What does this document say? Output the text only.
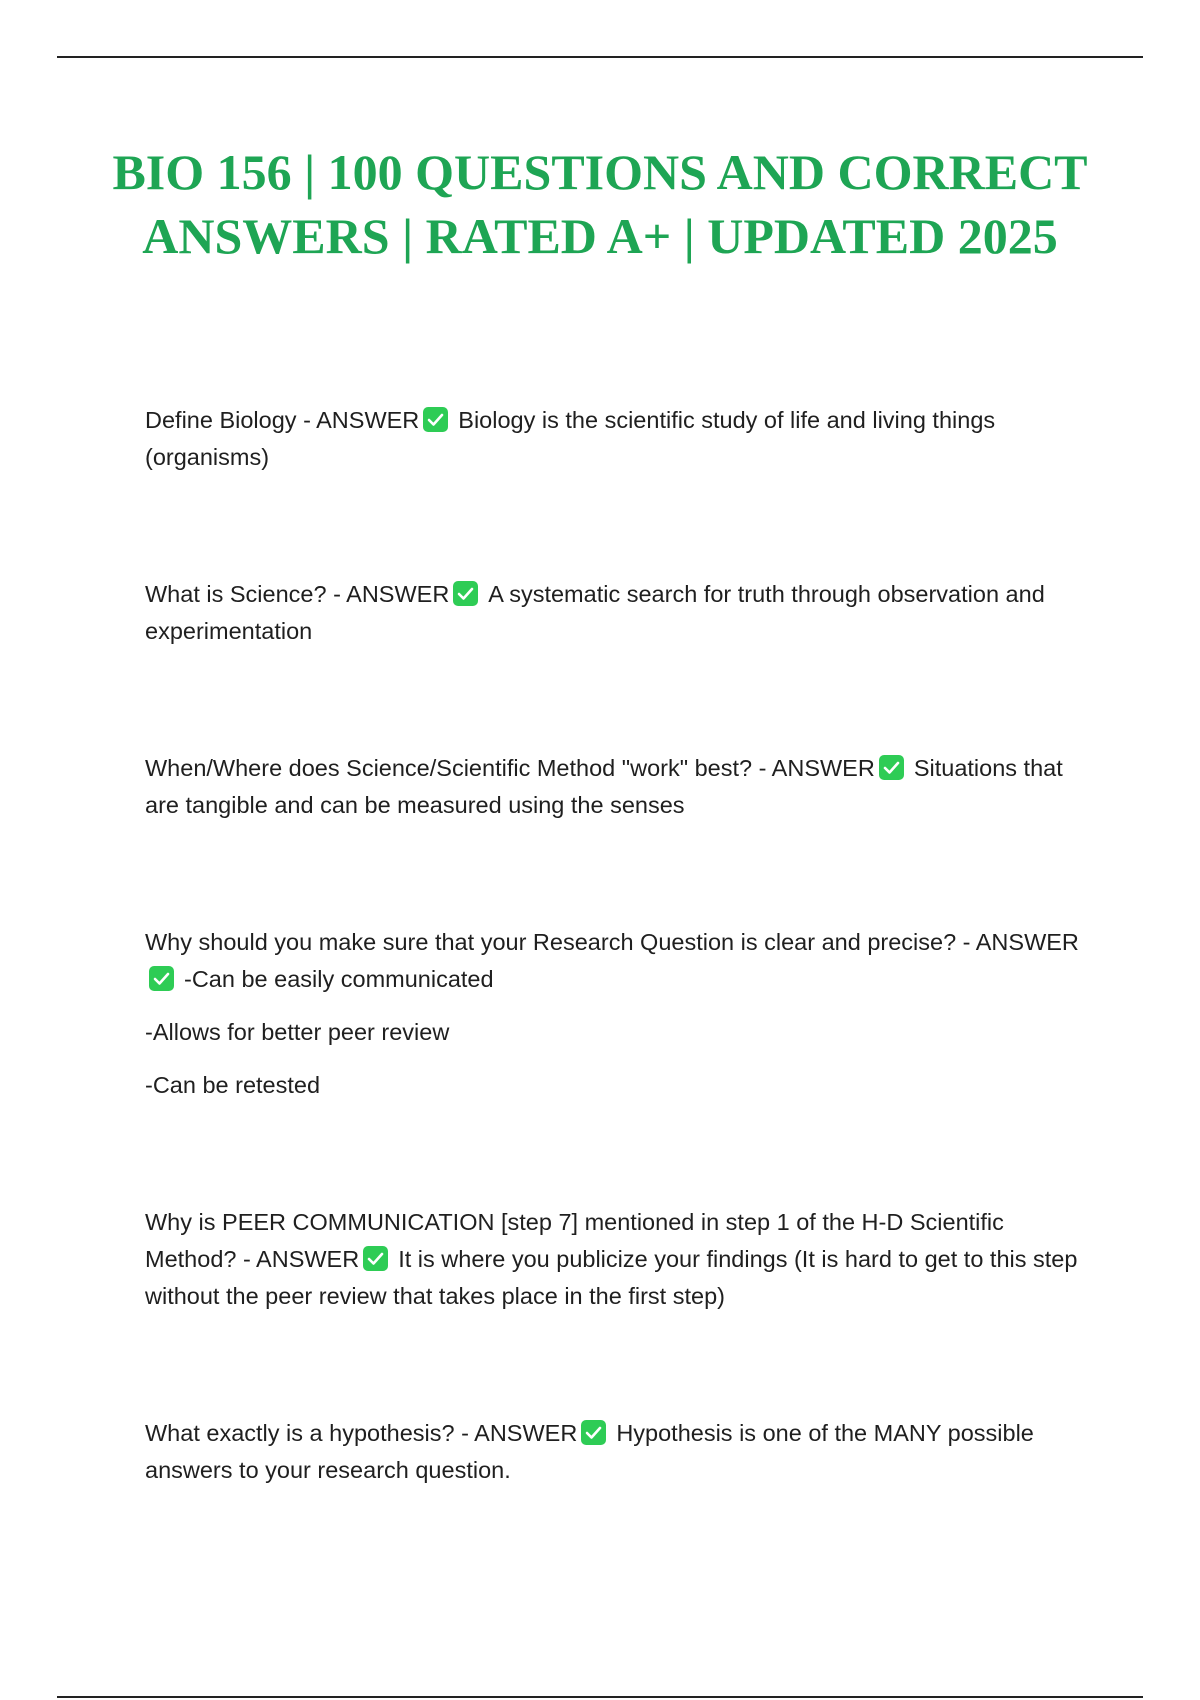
BIO 156 | 100 QUESTIONS AND CORRECT ANSWERS | RATED A+ | UPDATED 2025

Define Biology - ANSWER Biology is the scientific study of life and living things (organisms)

What is Science? - ANSWER A systematic search for truth through observation and experimentation

When/Where does Science/Scientific Method "work" best? - ANSWER Situations that are tangible and can be measured using the senses

Why should you make sure that your Research Question is clear and precise? - ANSWER
-Can be easily communicated

-Allows for better peer review

-Can be retested

Why is PEER COMMUNICATION [step 7] mentioned in step 1 of the H-D Scientific Method? - ANSWER It is where you publicize your findings (It is hard to get to this step without the peer review that takes place in the first step)

What exactly is a hypothesis? - ANSWER Hypothesis is one of the MANY possible answers to your research question.
